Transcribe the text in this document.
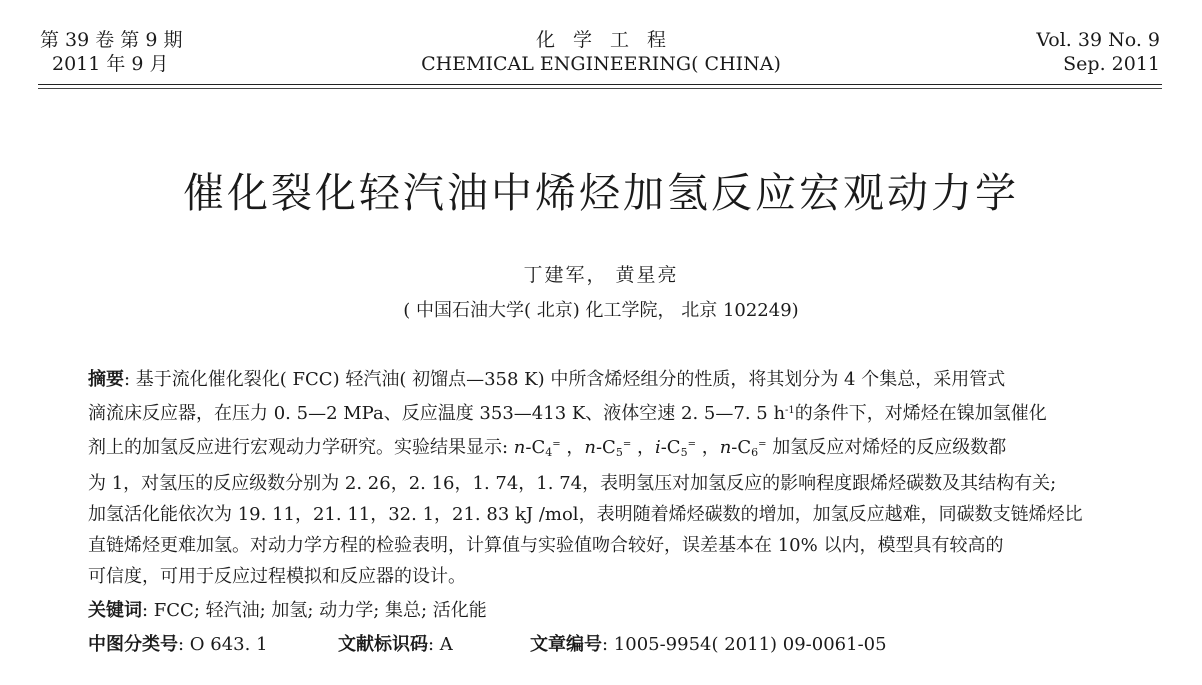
第 39 卷 第 9 期
2011 年 9 月
化学工程
CHEMICAL ENGINEERING( CHINA)
Vol. 39 No. 9
Sep. 2011
催化裂化轻汽油中烯烃加氢反应宏观动力学
丁建军， 黄星亮
( 中国石油大学( 北京) 化工学院， 北京 102249)
摘要: 基于流化催化裂化( FCC) 轻汽油( 初馏点—358 K) 中所含烯烃组分的性质，将其划分为 4 个集总，采用管式
滴流床反应器，在压力 0. 5—2 MPa、反应温度 353—413 K、液体空速 2. 5—7. 5 $h^{-1}$的条件下，对烯烃在镍加氢催化
剂上的加氢反应进行宏观动力学研究。实验结果显示: $n-C_4^=$ ，$n-C_5^=$ ，$i-C_5^=$ ，$n-C_6^=$ 加氢反应对烯烃的反应级数都
为 1，对氢压的反应级数分别为 2. 26，2. 16，1. 74，1. 74，表明氢压对加氢反应的影响程度跟烯烃碳数及其结构有关;
加氢活化能依次为 19. 11，21. 11，32. 1，21. 83 kJ /mol，表明随着烯烃碳数的增加，加氢反应越难，同碳数支链烯烃比
直链烯烃更难加氢。对动力学方程的检验表明，计算值与实验值吻合较好，误差基本在 10% 以内，模型具有较高的
可信度，可用于反应过程模拟和反应器的设计。
关键词: FCC; 轻汽油; 加氢; 动力学; 集总; 活化能
中图分类号: O 643. 1	文献标识码: A	文章编号: 1005-9954( 2011) 09-0061-05
